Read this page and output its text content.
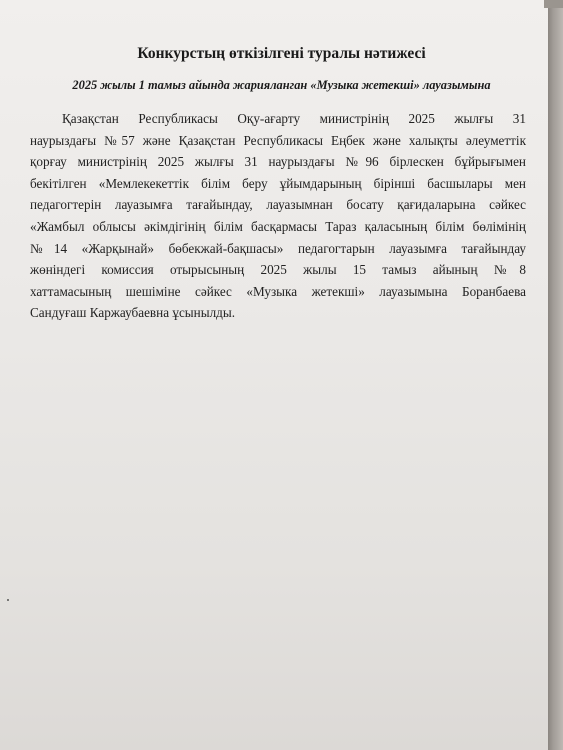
Конкурстың өткізілгені туралы нәтижесі

2025 жылы 1 тамыз айында жарияланган «Музыка жетекші» лауазымына

Қазақстан Республикасы Оқу-ағарту министрінің 2025 жылғы 31
наурыздағы №57 және Қазақстан Республикасы Еңбек және халықты әлеуметтік
қорғау министрінің 2025 жылғы 31 наурыздағы №96 бірлескен бұйрығымен
бекітілген «Мемлекекеттік білім беру ұйымдарының бірінші басшылары мен
педагогтерін лауазымға тағайындау, лауазымнан босату қағидаларына сәйкес
«Жамбыл облысы әкімдігінің білім басқармасы Тараз қаласының білім бөлімінің
№14 «Жарқынай» бөбекжай-бақшасы» педагогтарын лауазымға тағайындау
жөніндегі комиссия отырысының 2025 жылы 15 тамыз айының №8
хаттамасының шешіміне сәйкес «Музыка жетекші» лауазымына Боранбаева
Сандуғаш Каржаубаевна ұсынылды.
